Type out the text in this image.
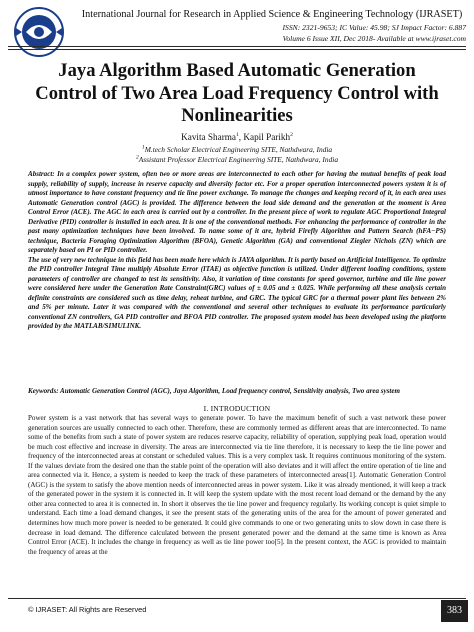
International Journal for Research in Applied Science & Engineering Technology (IJRASET)
ISSN: 2321-9653; IC Value: 45.98; SJ Impact Factor: 6.887
Volume 6 Issue XII, Dec 2018- Available at www.ijraset.com
Jaya Algorithm Based Automatic Generation
Control of Two Area Load Frequency Control with
Nonlinearities
Kavita Sharma$^1$, Kapil Parikh$^2$
$^1$M.tech Scholar Electrical Engineering SITE, Nathdwara, India
$^2$Assistant Professor Electrical Engineering SITE, Nathdwara, India

Abstract: In a complex power system, often two or more areas are interconnected to each other for having the mutual benefits of peak load supply, reliability of supply, increase in reserve capacity and diversity factor etc. For a proper operation interconnected powers system it is of utmost importance to have constant frequency and tie line power exchange. To manage the changes and keeping record of it, in each area uses Automatic Generation control (AGC) is provided. The difference between the load side demand and the generation at the moment is Area Control Error (ACE). The AGC in each area is carried out by a controller. In the present piece of work to regulate AGC Proportional Integral Derivative (PID) controller is installed in each area. It is one of the conventional methods. For enhancing the performance of controller in the past many optimization techniques have been involved. To name some of it are, hybrid Firefly Algorithm and Pattern Search (hFA−PS) technique, Bacteria Foraging Optimization Algorithm (BFOA), Genetic Algorithm (GA) and conventional Ziegler Nichols (ZN) which are separately based on PI or PID controller.

The use of very new technique in this field has been made here which is JAYA algorithm. It is partly based on Artificial Intelligence. To optimize the PID controller Integral Time multiply Absolute Error (ITAE) as objective function is utilized. Under different loading conditions, system parameters of controller are changed to test its sensitivity. Also, it variation of time constants for speed governor, turbine and tile line power were considered here under the Generation Rate Constraint(GRC) values of ± 0.05 and ± 0.025. While performing all these analysis certain definite constraints are considered such as time delay, reheat turbine, and GRC. The typical GRC for a thermal power plant lies between 2% and 5% per minute. Later it was compared with the conventional and several other techniques to evaluate its performance particularly conventional ZN controllers, GA PID controller and BFOA PID controller. The proposed system model has been developed using the platform provided by the MATLAB/SIMULINK.

Keywords: Automatic Generation Control (AGC), Jaya Algorithm, Load frequency control, Sensitivity analysis, Two area system
I. INTRODUCTION

Power system is a vast network that has several ways to generate power. To have the maximum benefit of such a vast network these power generation sources are usually connected to each other. Therefore, these are commonly termed as different areas that are interconnected. To name some of the benefits from such a state of power system are reduces reserve capacity, reliability of operation, supplying peak load, operation would be much cost effective and increase in diversity. The areas are interconnected via tie line therefore, it is necessary to keep the tie line power and frequency of the interconnected areas at constant or scheduled values. This is a very complex task. It requires continuous monitoring of the system. If the values deviate from the desired one than the stable point of the operation will also deviates and it will affect the entire operation of tie line and area connected via it. Hence, a system is needed to keep the track of these parameters of interconnected areas[1]. Automatic Generation Control (AGC) is the system to satisfy the above mention needs of interconnected areas in power system. Like it was already mentioned, it will keep a track of the generated power in the system it is connected in. It will keep the system update with the most recent load demand or the demand by the any other area connected to area it is connected in. In short it observes the tie line power and frequency regularly. Its working concept is quiet simple to understand. Each time a load demand changes, it see the present stats of the generating units of the area for the amount of power generated and determines how much more power is needed to be generated. It could give commands to one or two generating units to slow down in case there is decrease in load demand. The difference calculated between the present generated power and the demand at the same time is known as Area Control Error (ACE). It includes the change in frequency as well as tie line power too[5]. In the present context, the AGC is provided to maintain the frequency of areas at the

© IJRASET: All Rights are Reserved	383
